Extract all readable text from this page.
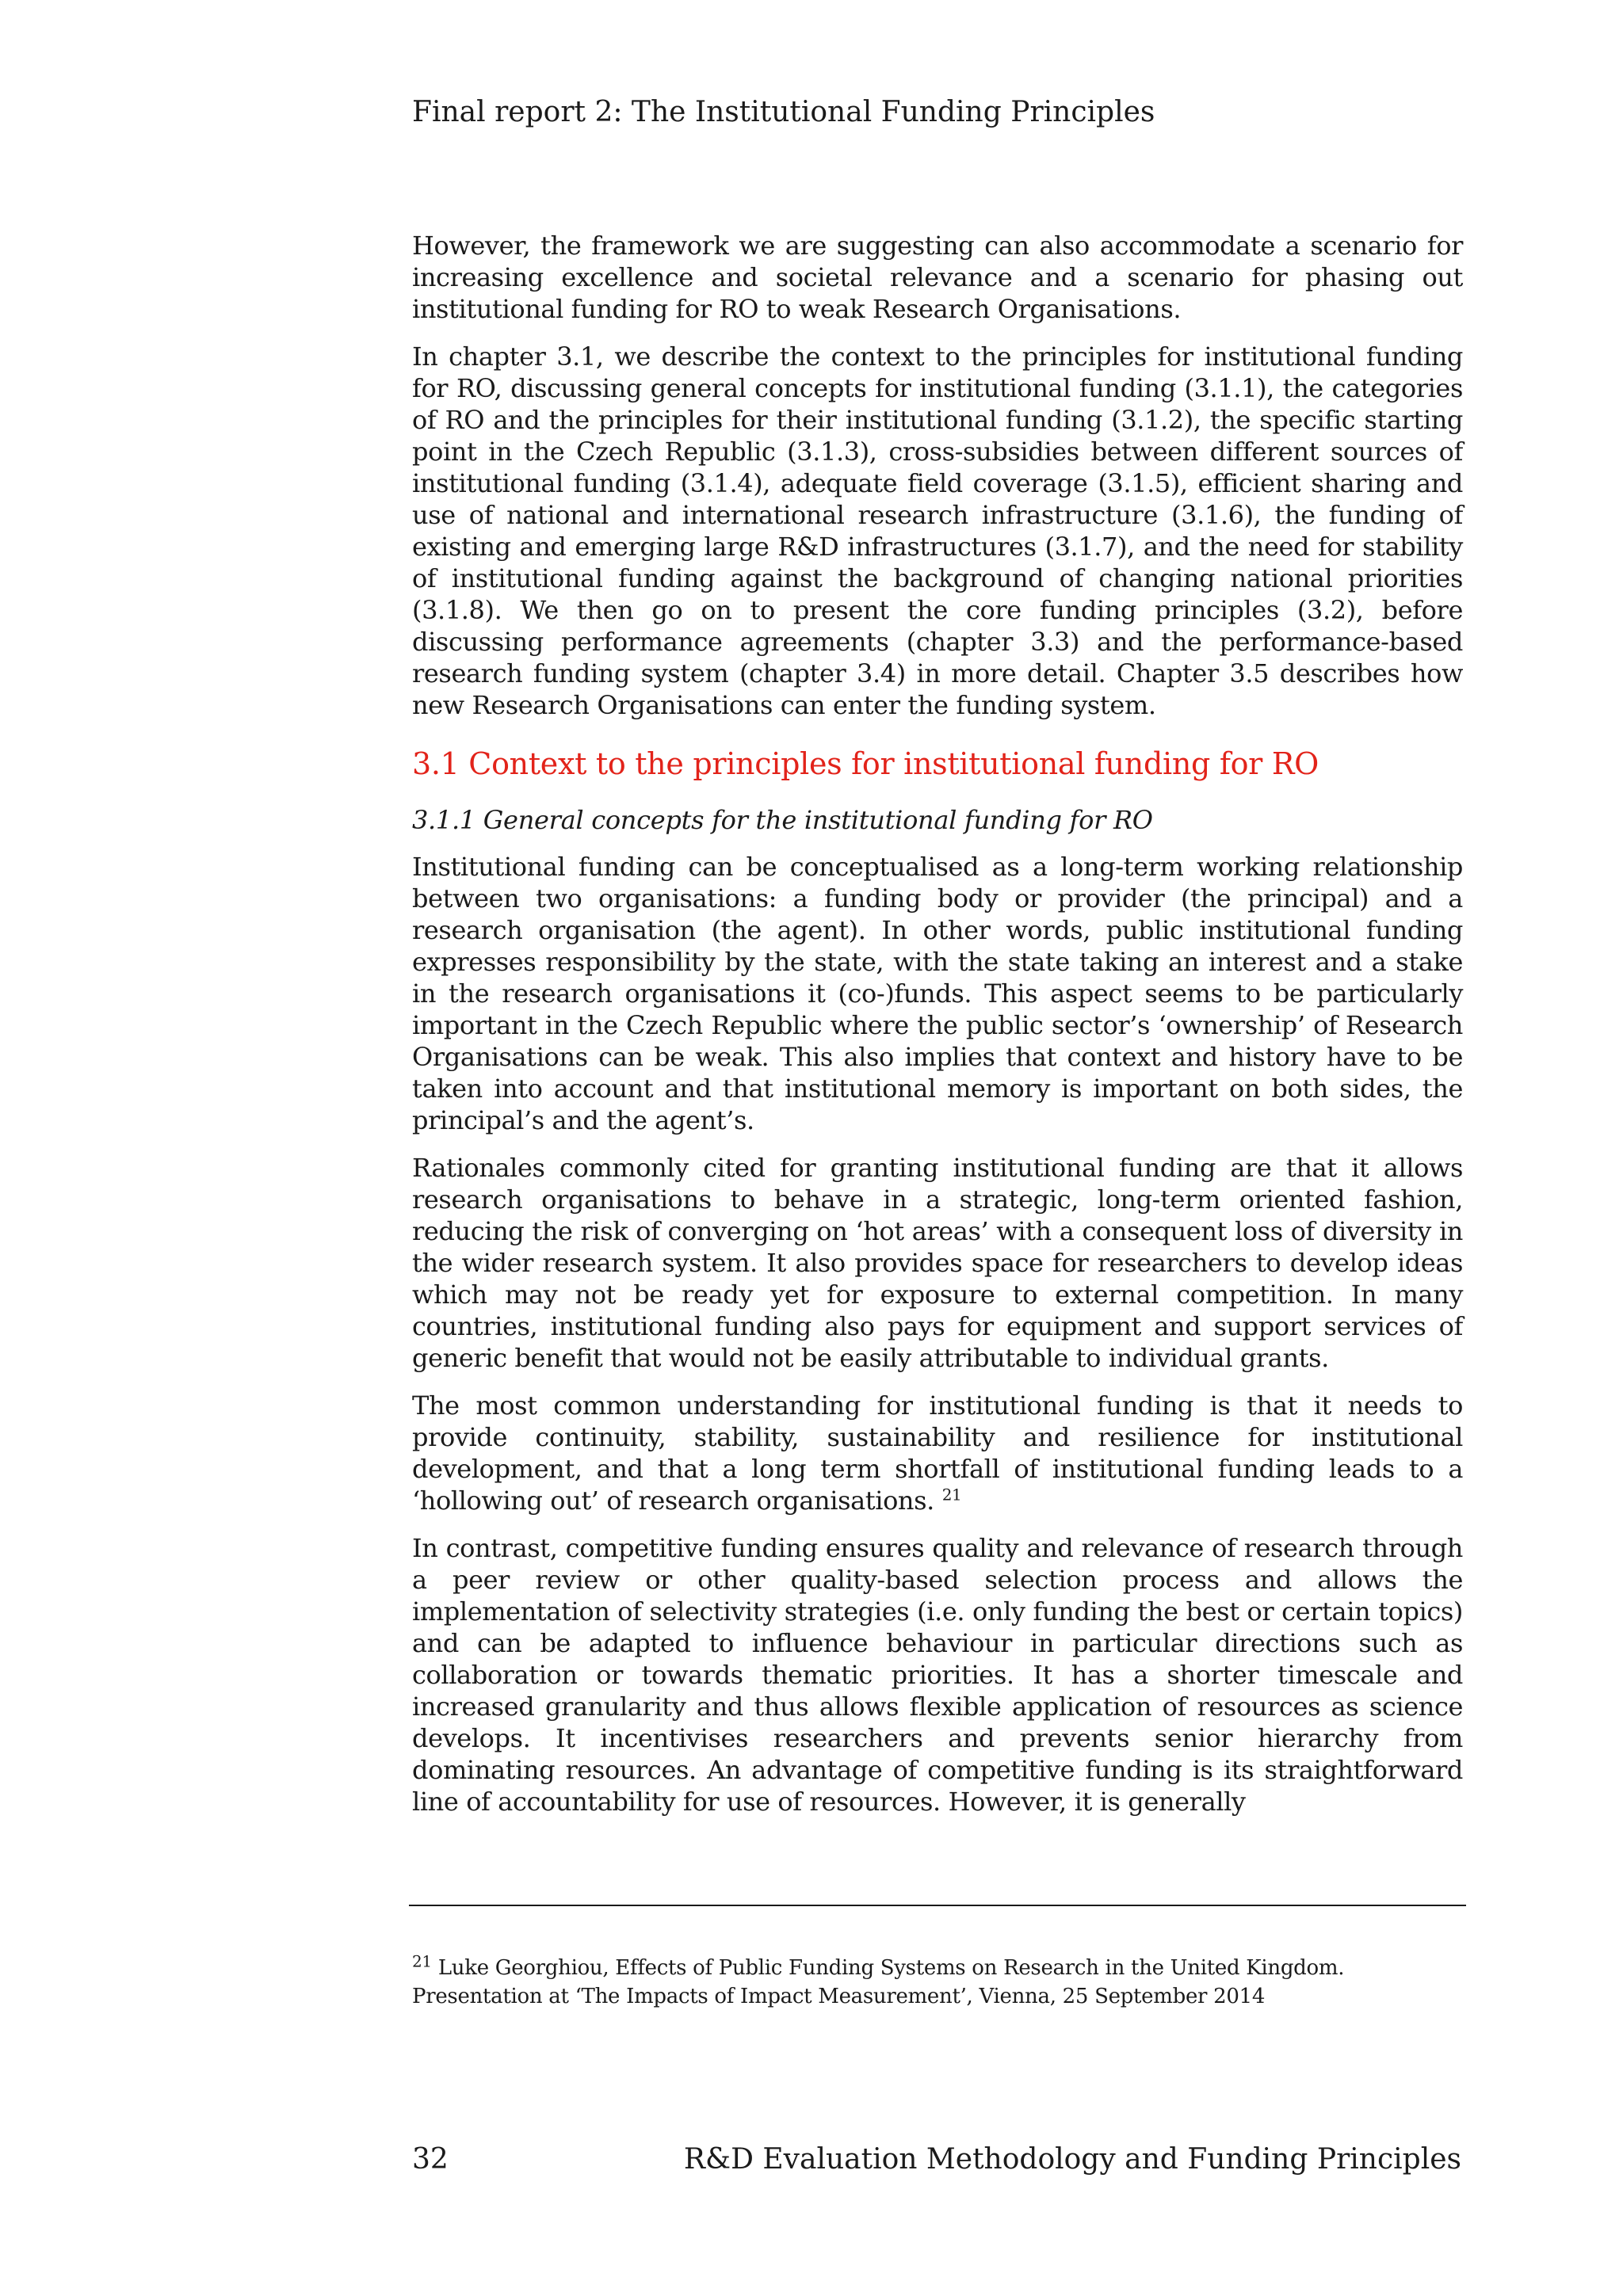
Final report 2: The Institutional Funding Principles

However, the framework we are suggesting can also accommodate a scenario for increasing excellence and societal relevance and a scenario for phasing out institutional funding for RO to weak Research Organisations.

In chapter 3.1, we describe the context to the principles for institutional funding for RO, discussing general concepts for institutional funding (3.1.1), the categories of RO and the principles for their institutional funding (3.1.2), the specific starting point in the Czech Republic (3.1.3), cross-subsidies between different sources of institutional funding (3.1.4), adequate field coverage (3.1.5), efficient sharing and use of national and international research infrastructure (3.1.6), the funding of existing and emerging large R&D infrastructures (3.1.7), and the need for stability of institutional funding against the background of changing national priorities (3.1.8). We then go on to present the core funding principles (3.2), before discussing performance agreements (chapter 3.3) and the performance-based research funding system (chapter 3.4) in more detail. Chapter 3.5 describes how new Research Organisations can enter the funding system.

3.1 Context to the principles for institutional funding for RO
3.1.1 General concepts for the institutional funding for RO

Institutional funding can be conceptualised as a long-term working relationship between two organisations: a funding body or provider (the principal) and a research organisation (the agent). In other words, public institutional funding expresses responsibility by the state, with the state taking an interest and a stake in the research organisations it (co-)funds. This aspect seems to be particularly important in the Czech Republic where the public sector’s ‘ownership’ of Research Organisations can be weak. This also implies that context and history have to be taken into account and that institutional memory is important on both sides, the principal’s and the agent’s.

Rationales commonly cited for granting institutional funding are that it allows research organisations to behave in a strategic, long-term oriented fashion, reducing the risk of converging on ‘hot areas’ with a consequent loss of diversity in the wider research system. It also provides space for researchers to develop ideas which may not be ready yet for exposure to external competition. In many countries, institutional funding also pays for equipment and support services of generic benefit that would not be easily attributable to individual grants.

The most common understanding for institutional funding is that it needs to provide continuity, stability, sustainability and resilience for institutional development, and that a long term shortfall of institutional funding leads to a ‘hollowing out’ of research organisations. $^{21}$

In contrast, competitive funding ensures quality and relevance of research through a peer review or other quality-based selection process and allows the implementation of selectivity strategies (i.e. only funding the best or certain topics) and can be adapted to influence behaviour in particular directions such as collaboration or towards thematic priorities. It has a shorter timescale and increased granularity and thus allows flexible application of resources as science develops. It incentivises researchers and prevents senior hierarchy from dominating resources. An advantage of competitive funding is its straightforward line of accountability for use of resources. However, it is generally

$^{21}$ Luke Georghiou, Effects of Public Funding Systems on Research in the United Kingdom. Presentation at ‘The Impacts of Impact Measurement’, Vienna, 25 September 2014
32	R&D Evaluation Methodology and Funding Principles
